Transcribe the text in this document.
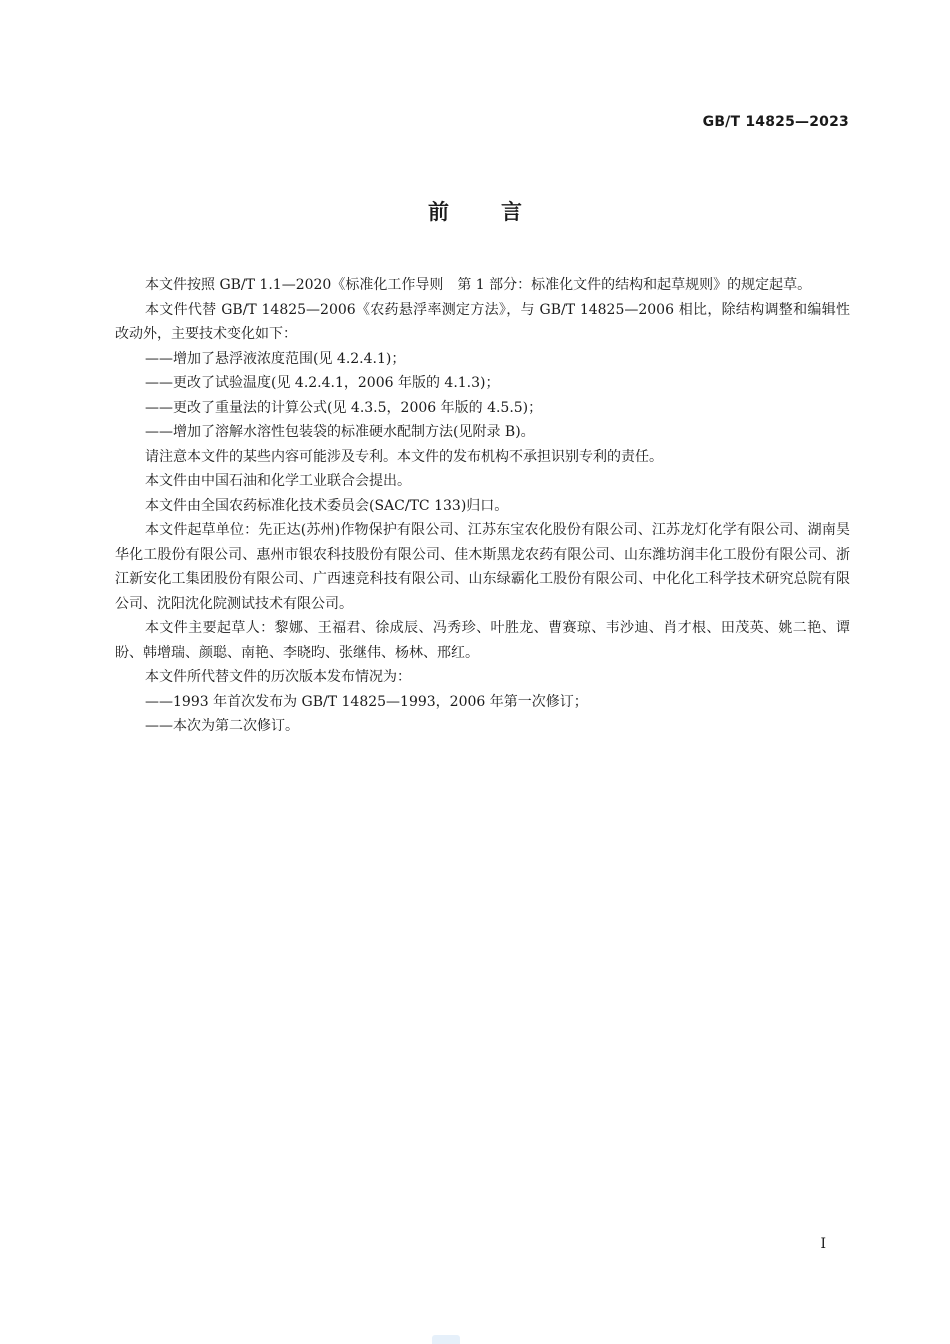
GB/T 14825—2023
前言

本文件按照 GB/T 1.1—2020《标准化工作导则　第 1 部分：标准化文件的结构和起草规则》的规定起草。

本文件代替 GB/T 14825—2006《农药悬浮率测定方法》，与 GB/T 14825—2006 相比，除结构调整和编辑性改动外，主要技术变化如下：

——增加了悬浮液浓度范围(见 4.2.4.1)；

——更改了试验温度(见 4.2.4.1，2006 年版的 4.1.3)；

——更改了重量法的计算公式(见 4.3.5，2006 年版的 4.5.5)；

——增加了溶解水溶性包装袋的标准硬水配制方法(见附录 B)。

请注意本文件的某些内容可能涉及专利。本文件的发布机构不承担识别专利的责任。

本文件由中国石油和化学工业联合会提出。

本文件由全国农药标准化技术委员会(SAC/TC 133)归口。

本文件起草单位：先正达(苏州)作物保护有限公司、江苏东宝农化股份有限公司、江苏龙灯化学有限公司、湖南昊华化工股份有限公司、惠州市银农科技股份有限公司、佳木斯黑龙农药有限公司、山东潍坊润丰化工股份有限公司、浙江新安化工集团股份有限公司、广西速竞科技有限公司、山东绿霸化工股份有限公司、中化化工科学技术研究总院有限公司、沈阳沈化院测试技术有限公司。

本文件主要起草人：黎娜、王福君、徐成辰、冯秀珍、叶胜龙、曹赛琼、韦沙迪、肖才根、田茂英、姚二艳、谭盼、韩增瑞、颜聪、南艳、李晓昀、张继伟、杨林、邢红。

本文件所代替文件的历次版本发布情况为：

——1993 年首次发布为 GB/T 14825—1993，2006 年第一次修订；

——本次为第二次修订。

I
